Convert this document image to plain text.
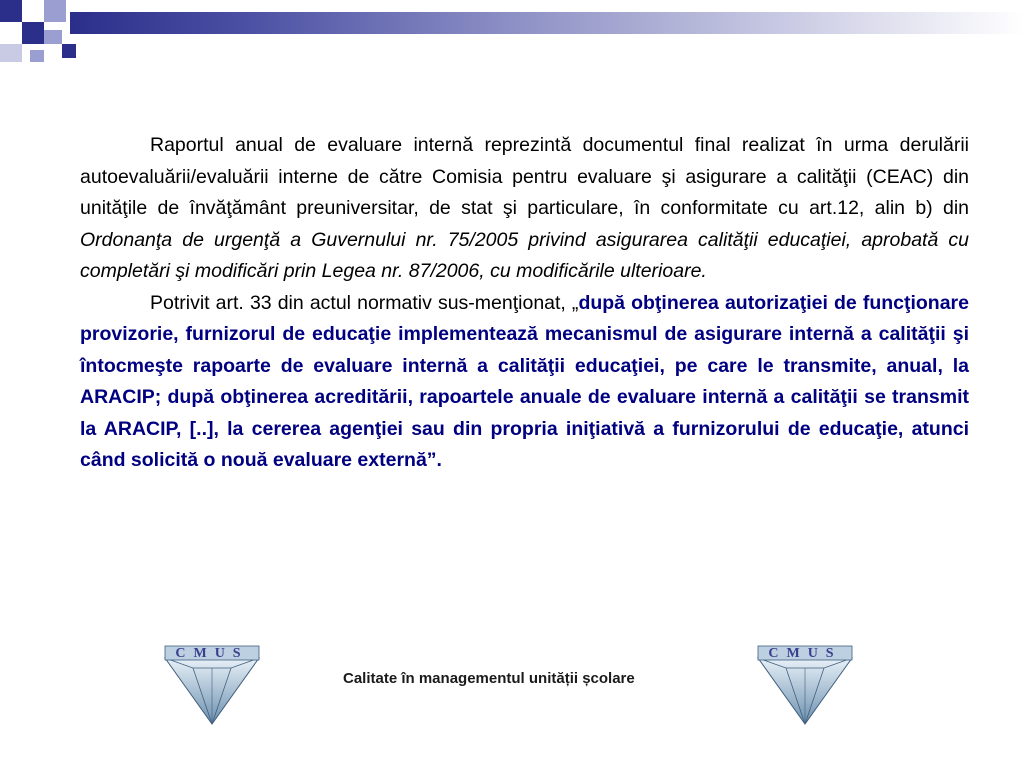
Raportul anual de evaluare internă reprezintă documentul final realizat în urma derulării autoevaluării/evaluării interne de către Comisia pentru evaluare şi asigurare a calităţii (CEAC) din unităţile de învăţământ preuniversitar, de stat şi particulare, în conformitate cu art.12, alin b) din Ordonanţa de urgenţă a Guvernului nr. 75/2005 privind asigurarea calităţii educaţiei, aprobată cu completări şi modificări prin Legea nr. 87/2006, cu modificările ulterioare.

Potrivit art. 33 din actul normativ sus-menţionat, „după obţinerea autorizaţiei de funcţionare provizorie, furnizorul de educaţie implementează mecanismul de asigurare internă a calităţii şi întocmeşte rapoarte de evaluare internă a calităţii educaţiei, pe care le transmite, anual, la ARACIP; după obţinerea acreditării, rapoartele anuale de evaluare internă a calităţii se transmit la ARACIP, [..], la cererea agenţiei sau din propria iniţiativă a furnizorului de educaţie, atunci când solicită o nouă evaluare externă”.

CMUS
Calitate în managementul unității școlare
CMUS
